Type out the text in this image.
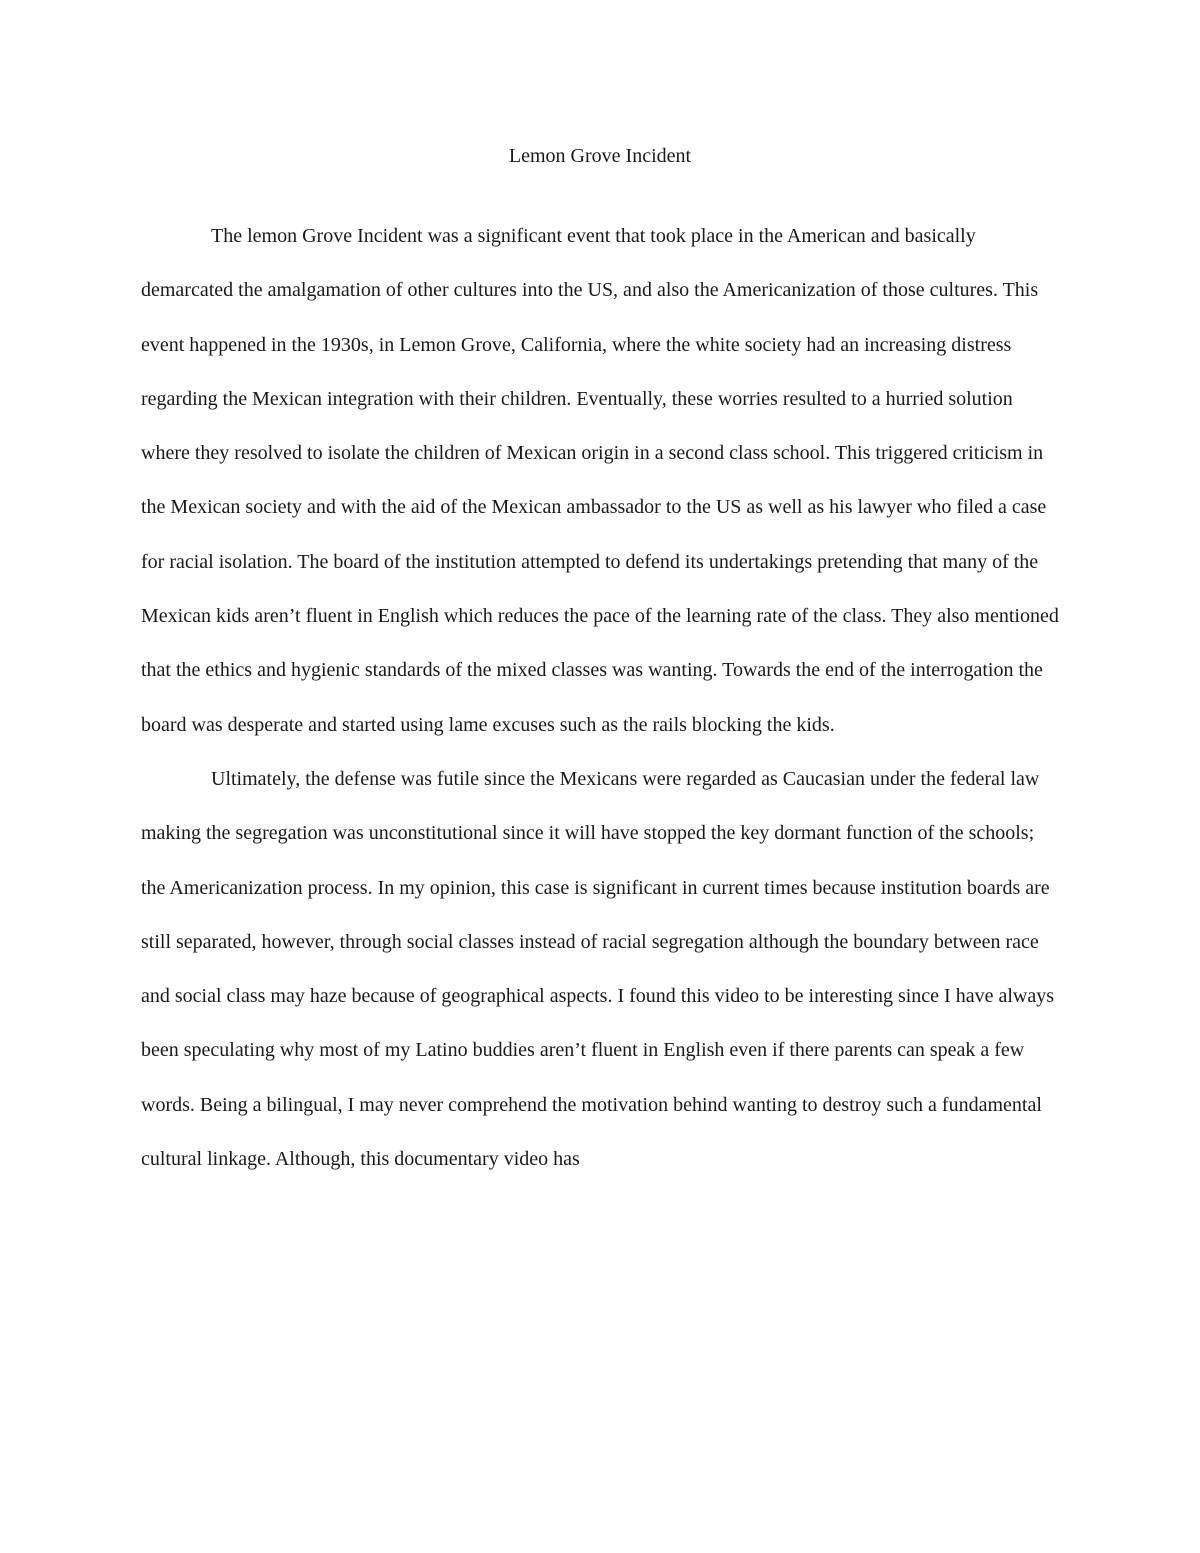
Lemon Grove Incident

The lemon Grove Incident was a significant event that took place in the American and basically demarcated the amalgamation of other cultures into the US, and also the Americanization of those cultures. This event happened in the 1930s, in Lemon Grove, California, where the white society had an increasing distress regarding the Mexican integration with their children. Eventually, these worries resulted to a hurried solution where they resolved to isolate the children of Mexican origin in a second class school. This triggered criticism in the Mexican society and with the aid of the Mexican ambassador to the US as well as his lawyer who filed a case for racial isolation. The board of the institution attempted to defend its undertakings pretending that many of the Mexican kids aren’t fluent in English which reduces the pace of the learning rate of the class. They also mentioned that the ethics and hygienic standards of the mixed classes was wanting. Towards the end of the interrogation the board was desperate and started using lame excuses such as the rails blocking the kids.

Ultimately, the defense was futile since the Mexicans were regarded as Caucasian under the federal law making the segregation was unconstitutional since it will have stopped the key dormant function of the schools; the Americanization process. In my opinion, this case is significant in current times because institution boards are still separated, however, through social classes instead of racial segregation although the boundary between race and social class may haze because of geographical aspects. I found this video to be interesting since I have always been speculating why most of my Latino buddies aren’t fluent in English even if there parents can speak a few words. Being a bilingual, I may never comprehend the motivation behind wanting to destroy such a fundamental cultural linkage. Although, this documentary video has
